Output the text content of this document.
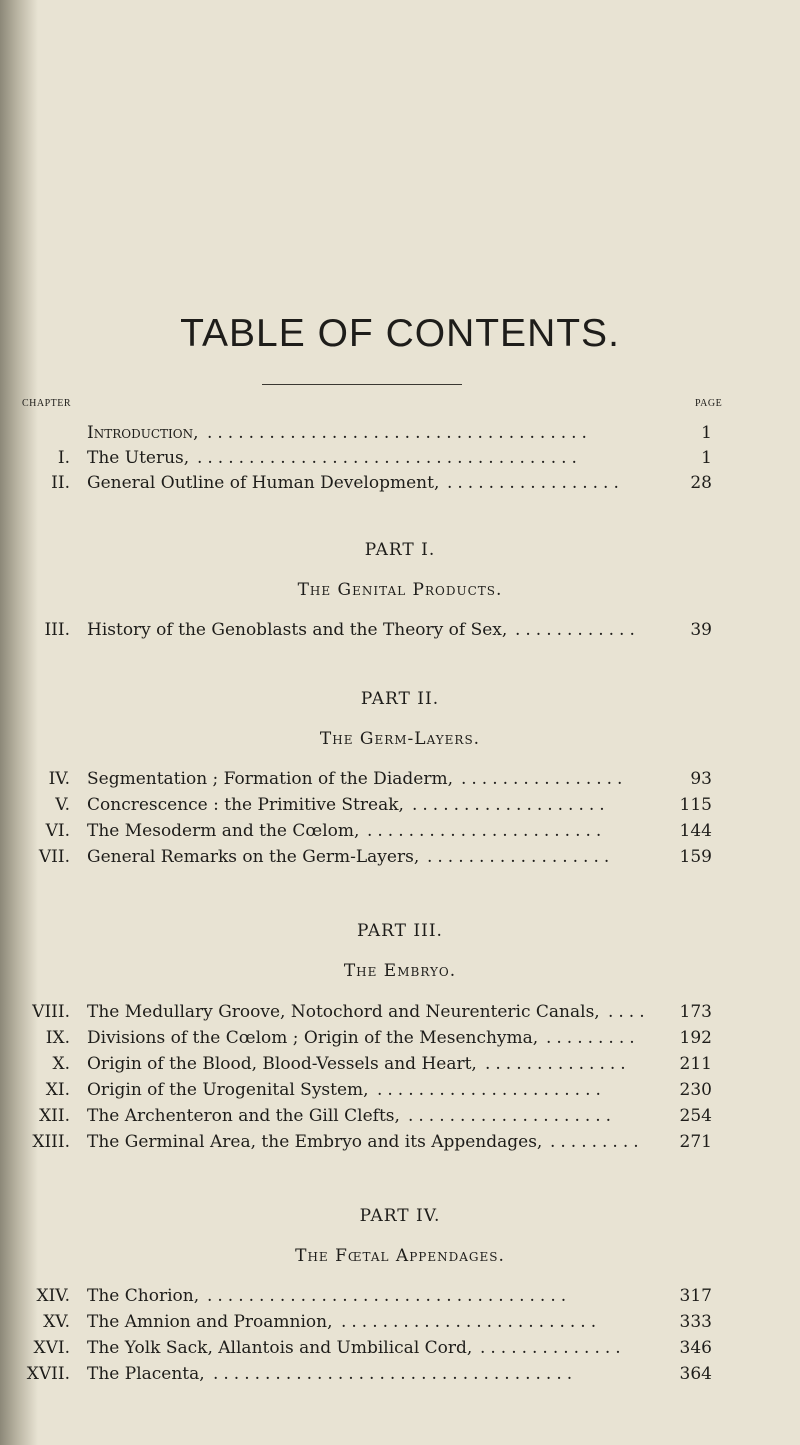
TABLE OF CONTENTS.
CHAPTER	PAGE
Introduction,	1
.....................................
I. The Uterus,	1
.....................................
II. General Outline of Human Development,	28
.................
PART I.
The Genital Products.
III. History of the Genoblasts and the Theory of Sex,	39
............
PART II.
The Germ-Layers.
IV. Segmentation ; Formation of the Diaderm,	93
................
V. Concrescence : the Primitive Streak,	115
...................
VI. The Mesoderm and the Cœlom,	144
.......................
VII. General Remarks on the Germ-Layers,	159
..................
PART III.
The Embryo.
VIII. The Medullary Groove, Notochord and Neurenteric Canals,	173
....
IX. Divisions of the Cœlom ; Origin of the Mesenchyma,	192
.........
X. Origin of the Blood, Blood-Vessels and Heart,	211
..............
XI. Origin of the Urogenital System,	230
......................
XII. The Archenteron and the Gill Clefts,	254
....................
XIII. The Germinal Area, the Embryo and its Appendages,	271
.........
PART IV.
The Fœtal Appendages.
XIV. The Chorion,	317
...................................
XV. The Amnion and Proamnion,	333
.........................
XVI. The Yolk Sack, Allantois and Umbilical Cord,	346
..............
XVII. The Placenta,	364
...................................
